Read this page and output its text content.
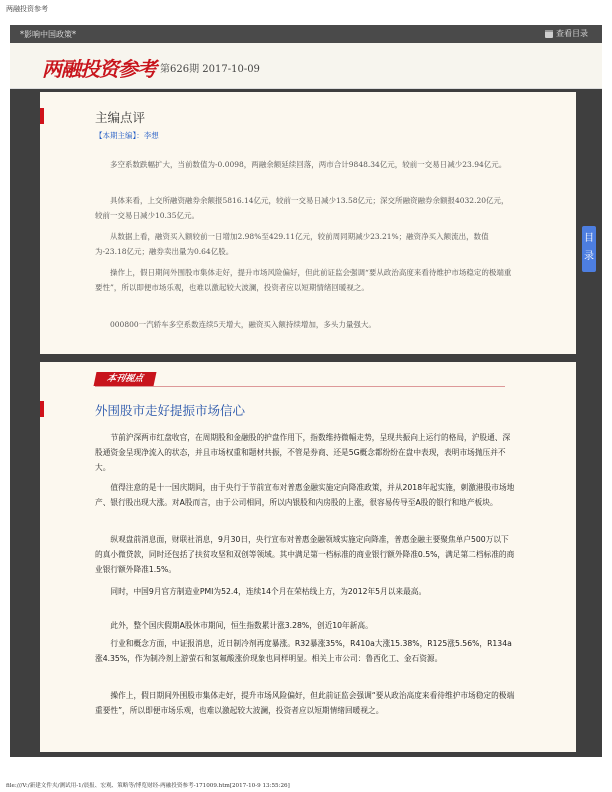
两融投资参考
*影响中国政策*	查看目录
两融投资参考 第626期 2017-10-09
主编点评
【本期主编】：李想

多空系数跌幅扩大，当前数值为-0.0098，两融余额延续回落，两市合计9848.34亿元，较前一交易日减少23.94亿元。

具体来看，上交所融资融券余额报5816.14亿元，较前一交易日减少13.58亿元；深交所融资融券余额报4032.20亿元，较前一交易日减少10.35亿元。

从数据上看，融资买入额较前一日增加2.98%至429.11亿元，较前周同期减少23.21%；融资净买入额流出，数值为-23.18亿元；融券卖出量为0.64亿股。

操作上，假日期间外围股市集体走好，提升市场风险偏好，但此前证监会强调“要从政治高度来看待维护市场稳定的极端重要性”，所以即便市场乐观，也难以激起较大波澜，投资者应以短期情绪回暖视之。

000800一汽轿车多空系数连续5天增大，融资买入额持续增加，多头力量强大。

本刊视点
外围股市走好提振市场信心

节前沪深两市红盘收官，在周期股和金融股的护盘作用下，指数维持微幅走势，呈现共振向上运行的格局，沪股通、深股通资金呈现净流入的状态，并且市场权重和题材共振，不管是券商、还是5G概念都纷纷在盘中表现，表明市场抛压并不大。

值得注意的是十一国庆期间，由于央行于节前宣布对普惠金融实施定向降准政策，并从2018年起实施，刺激港股市场地产、银行股出现大涨。对A股而言，由于公司相同，所以内银股和内房股的上涨，很容易传导至A股的银行和地产板块。

纵观盘前消息面，财联社消息，9月30日，央行宣布对普惠金融领域实施定向降准，普惠金融主要聚焦单户500万以下的真小微贷款，同时还包括了扶贫攻坚和双创等领域。其中满足第一档标准的商业银行额外降准0.5%，满足第二档标准的商业银行额外降准1.5%。

同时，中国9月官方制造业PMI为52.4，连续14个月在荣枯线上方，为2012年5月以来最高。

此外，整个国庆假期A股休市期间，恒生指数累计涨3.28%，创近10年新高。

行业和概念方面，中证报消息，近日制冷剂再度暴涨。R32暴涨35%，R410a大涨15.38%，R125涨5.56%，R134a涨4.35%，作为制冷剂上游萤石和氢氟酸涨价现象也同样明显。相关上市公司：鲁西化工、金石资源。

操作上，假日期间外围股市集体走好，提升市场风险偏好，但此前证监会强调“要从政治高度来看待维护市场稳定的极端重要性”，所以即便市场乐观，也难以激起较大波澜，投资者应以短期情绪回暖视之。

目
录
file:///V:/新建文件夹/测试用-1/晨报、宏观、策略等/博览财经-两融投资参考-171009.htm[2017-10-9 13:55:26]
